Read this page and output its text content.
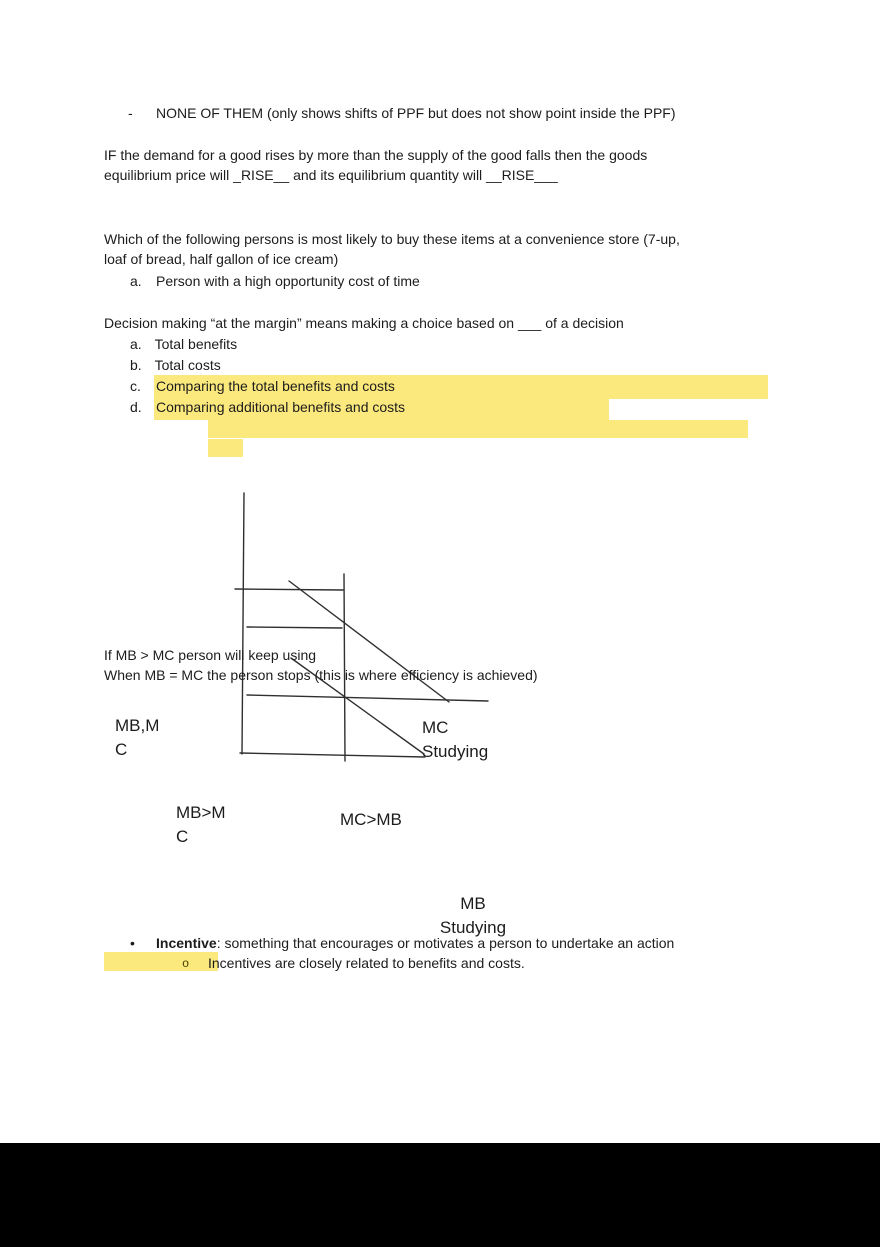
- NONE OF THEM (only shows shifts of PPF but does not show point inside the PPF)
IF the demand for a good rises by more than the supply of the good falls then the goods
equilibrium price will _RISE__ and its equilibrium quantity will __RISE___
Which of the following persons is most likely to buy these items at a convenience store (7-up,
loaf of bread, half gallon of ice cream)
a. Person with a high opportunity cost of time
Decision making “at the margin” means making a choice based on ___ of a decision
a. Total benefits
b. Total costs
c. Comparing the total benefits and costs
d. Comparing additional benefits and costs
If MB > MC person will keep using
When MB = MC the person stops (this is where efficiency is achieved)
MB,M
C
MC
Studying
MB>M
C
MC>MB
MB
Studying
• Incentive: something that encourages or motivates a person to undertake an action
o Incentives are closely related to benefits and costs.
